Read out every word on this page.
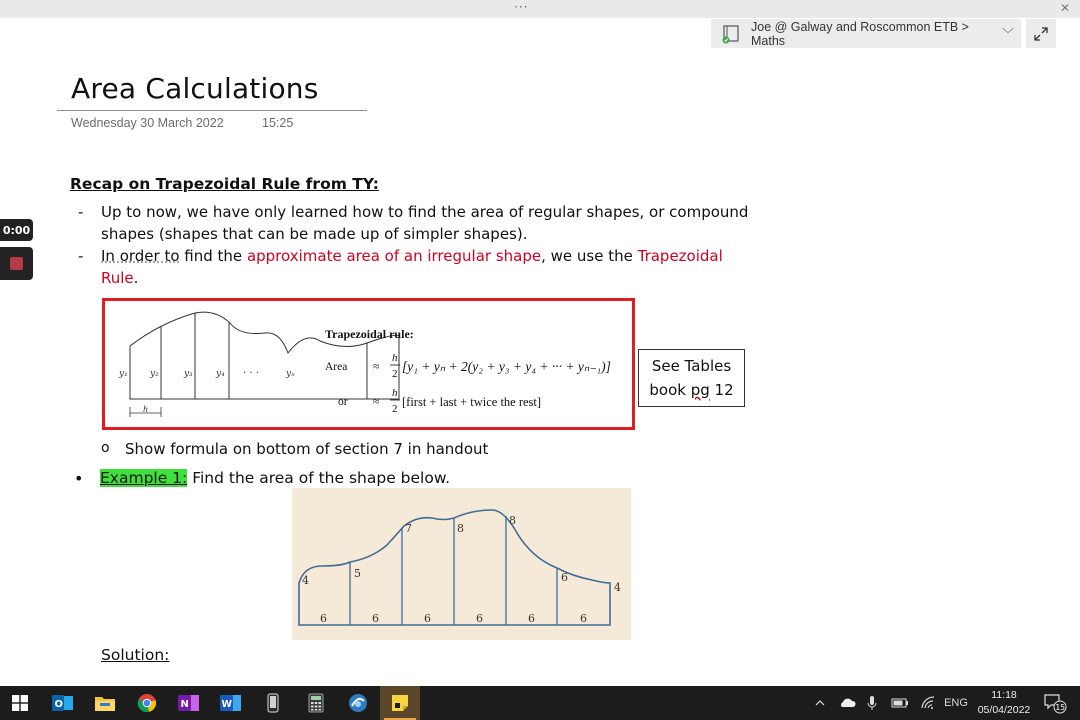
···	✕
Joe @ Galway and Roscommon ETB > Maths	﹀
Area Calculations
Wednesday 30 March 2022	15:25
0:00
Recap on Trapezoidal Rule from TY:
- Up to now, we have only learned how to find the area of regular shapes, or compound
shapes (shapes that can be made up of simpler shapes).
- In order to find the approximate area of an irregular shape, we use the Trapezoidal
Rule.
y₁ y₂	y₃	y₄ · · ·	yₙ
h
Trapezoidal rule:
Area ≈
h
2 [y₁ + yₙ + 2(y₂ + y₃ + y₄ + ··· + yₙ₋₁)]
or ≈
h
2 [first + last + twice the rest]
See Tables
book pg 12
o Show formula on bottom of section 7 in handout
• Example 1: Find the area of the shape below.
4
5
7	8
8
6
4
6	6	6	6	6	6
Solution:
O	N	W	ENG
11:18
05/04/2022	15
